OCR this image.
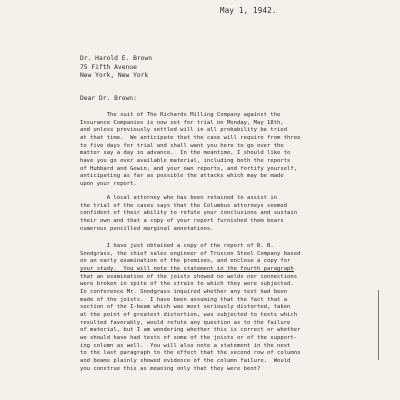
May 1, 1942.
Dr. Harold E. Brown
75 Fifth Avenue
New York, New York
Dear Dr. Brown:
The suit of The Richards Milling Company against the
Insurance Companies is now set for trial on Monday, May 18th,
and unless previously settled will in all probability be tried
at that time.  We anticipate that the case will require from three
to five days for trial and shall want you here to go over the
matter say a day in advance.  In the meantime, I should like to
have you go over available material, including both the reports
of Hubbard and Gewin, and your own reports, and fortify yourself,
anticipating as far as possible the attacks which may be made
upon your report.
A local attorney who has been retained to assist in
the trial of the cases says that the Columbus attorneys seemed
confident of their ability to refute your conclusions and sustain
their own and that a copy of your report furnished them bears
numerous pencilled marginal annotations.
I have just obtained a copy of the report of R. B.
Snodgrass, the chief sales engineer of Truscon Steel Company based
on an early examination of the premises, and enclose a copy for
your study.  You will note the statement in the fourth paragraph
that an examination of the joists showed no welds nor connections
were broken in spite of the strain to which they were subjected.
In conference Mr. Snodgrass inquired whether any test had been
made of the joists.  I have been assuming that the fact that a
section of the I-beam which was most seriously distorted, taken
at the point of greatest distortion, was subjected to tests which
resulted favorably, would refute any question as to the failure
of material, but I am wondering whether this is correct or whether
we should have had tests of some of the joists or of the support-
ing column as well.  You will also note a statement in the next
to the last paragraph to the effect that the second row of columns
and beams plainly showed evidence of the column failure.  Would
you construe this as meaning only that they were bent?
